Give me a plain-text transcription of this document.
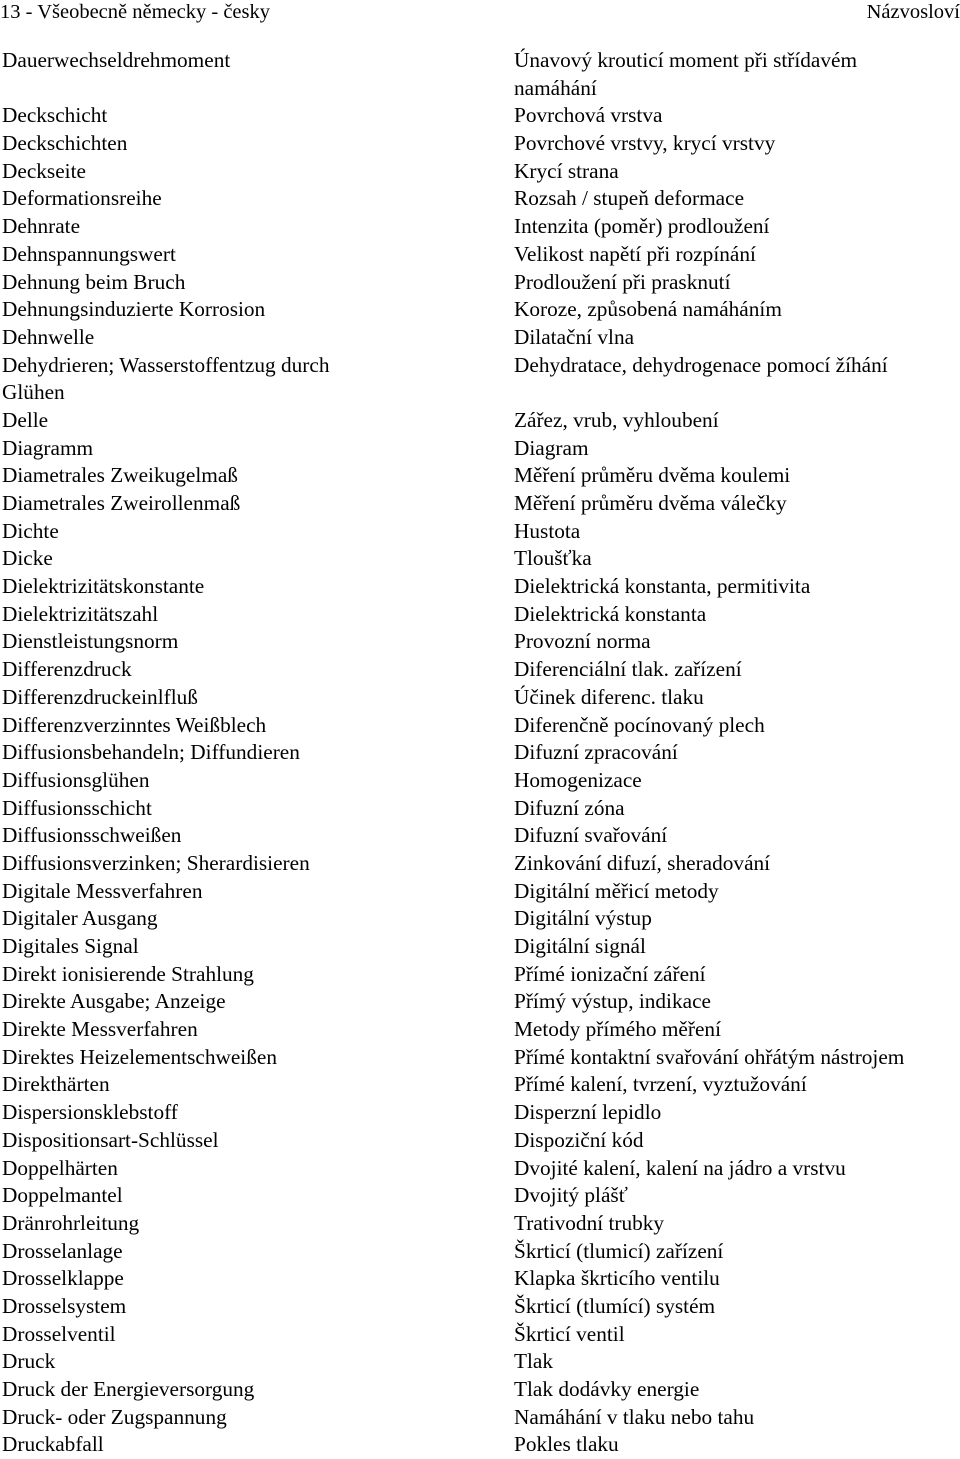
13 - Všeobecně německy - česky	Názvosloví
Dauerwechseldrehmoment	Únavový krouticí moment při střídavém
namáhání
Deckschicht	Povrchová vrstva
Deckschichten	Povrchové vrstvy, krycí vrstvy
Deckseite	Krycí strana
Deformationsreihe	Rozsah / stupeň deformace
Dehnrate	Intenzita (poměr) prodloužení
Dehnspannungswert	Velikost napětí při rozpínání
Dehnung beim Bruch	Prodloužení při prasknutí
Dehnungsinduzierte Korrosion	Koroze, způsobená namáháním
Dehnwelle	Dilatační vlna
Dehydrieren; Wasserstoffentzug durch	Dehydratace, dehydrogenace pomocí žíhání
Glühen
Delle	Zářez, vrub, vyhloubení
Diagramm	Diagram
Diametrales Zweikugelmaß	Měření průměru dvěma koulemi
Diametrales Zweirollenmaß	Měření průměru dvěma válečky
Dichte	Hustota
Dicke	Tloušťka
Dielektrizitätskonstante	Dielektrická konstanta, permitivita
Dielektrizitätszahl	Dielektrická konstanta
Dienstleistungsnorm	Provozní norma
Differenzdruck	Diferenciální tlak. zařízení
Differenzdruckeinlfluß	Účinek diferenc. tlaku
Differenzverzinntes Weißblech	Diferenčně pocínovaný plech
Diffusionsbehandeln; Diffundieren	Difuzní zpracování
Diffusionsglühen	Homogenizace
Diffusionsschicht	Difuzní zóna
Diffusionsschweißen	Difuzní svařování
Diffusionsverzinken; Sherardisieren	Zinkování difuzí, sheradování
Digitale Messverfahren	Digitální měřicí metody
Digitaler Ausgang	Digitální výstup
Digitales Signal	Digitální signál
Direkt ionisierende Strahlung	Přímé ionizační záření
Direkte Ausgabe; Anzeige	Přímý výstup, indikace
Direkte Messverfahren	Metody přímého měření
Direktes Heizelementschweißen	Přímé kontaktní svařování ohřátým nástrojem
Direkthärten	Přímé kalení, tvrzení, vyztužování
Dispersionsklebstoff	Disperzní lepidlo
Dispositionsart-Schlüssel	Dispoziční kód
Doppelhärten	Dvojité kalení, kalení na jádro a vrstvu
Doppelmantel	Dvojitý plášť
Dränrohrleitung	Trativodní trubky
Drosselanlage	Škrticí (tlumicí) zařízení
Drosselklappe	Klapka škrticího ventilu
Drosselsystem	Škrticí (tlumící) systém
Drosselventil	Škrticí ventil
Druck	Tlak
Druck der Energieversorgung	Tlak dodávky energie
Druck- oder Zugspannung	Namáhání v tlaku nebo tahu
Druckabfall	Pokles tlaku
